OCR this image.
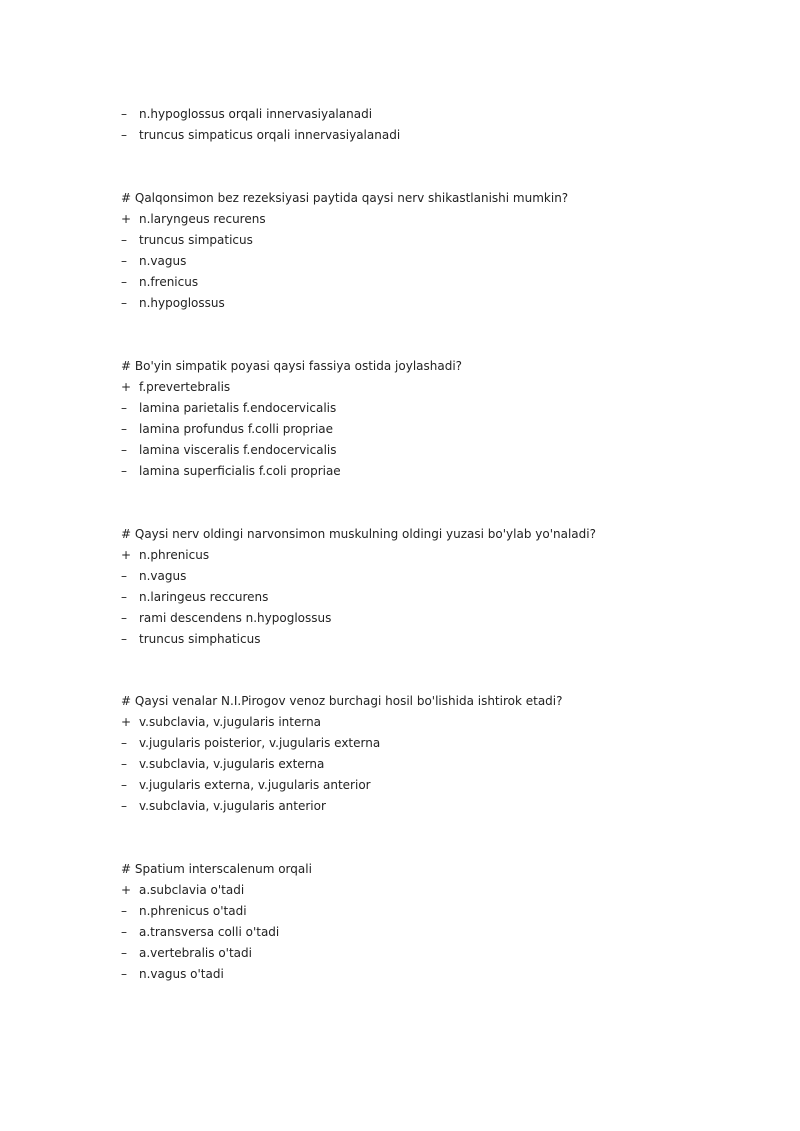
– n.hypoglossus orqali innervasiyalanadi
– truncus simpaticus orqali innervasiyalanadi
# Qalqonsimon bez rezeksiyasi paytida qaysi nerv shikastlanishi mumkin?
+ n.laryngeus recurens
– truncus simpaticus
– n.vagus
– n.frenicus
– n.hypoglossus
# Bo'yin simpatik poyasi qaysi fassiya ostida joylashadi?
+ f.prevertebralis
– lamina parietalis f.endocervicalis
– lamina profundus f.colli propriae
– lamina visceralis f.endocervicalis
– lamina superficialis f.coli propriae
# Qaysi nerv oldingi narvonsimon muskulning oldingi yuzasi bo'ylab yo'naladi?
+ n.phrenicus
– n.vagus
– n.laringeus reccurens
– rami descendens n.hypoglossus
– truncus simphaticus
# Qaysi venalar N.I.Pirogov venoz burchagi hosil bo'lishida ishtirok etadi?
+ v.subclavia, v.jugularis interna
– v.jugularis poisterior, v.jugularis externa
– v.subclavia, v.jugularis externa
– v.jugularis externa, v.jugularis anterior
– v.subclavia, v.jugularis anterior
# Spatium interscalenum orqali
+ a.subclavia o'tadi
– n.phrenicus o'tadi
– a.transversa colli o'tadi
– a.vertebralis o'tadi
– n.vagus o'tadi
